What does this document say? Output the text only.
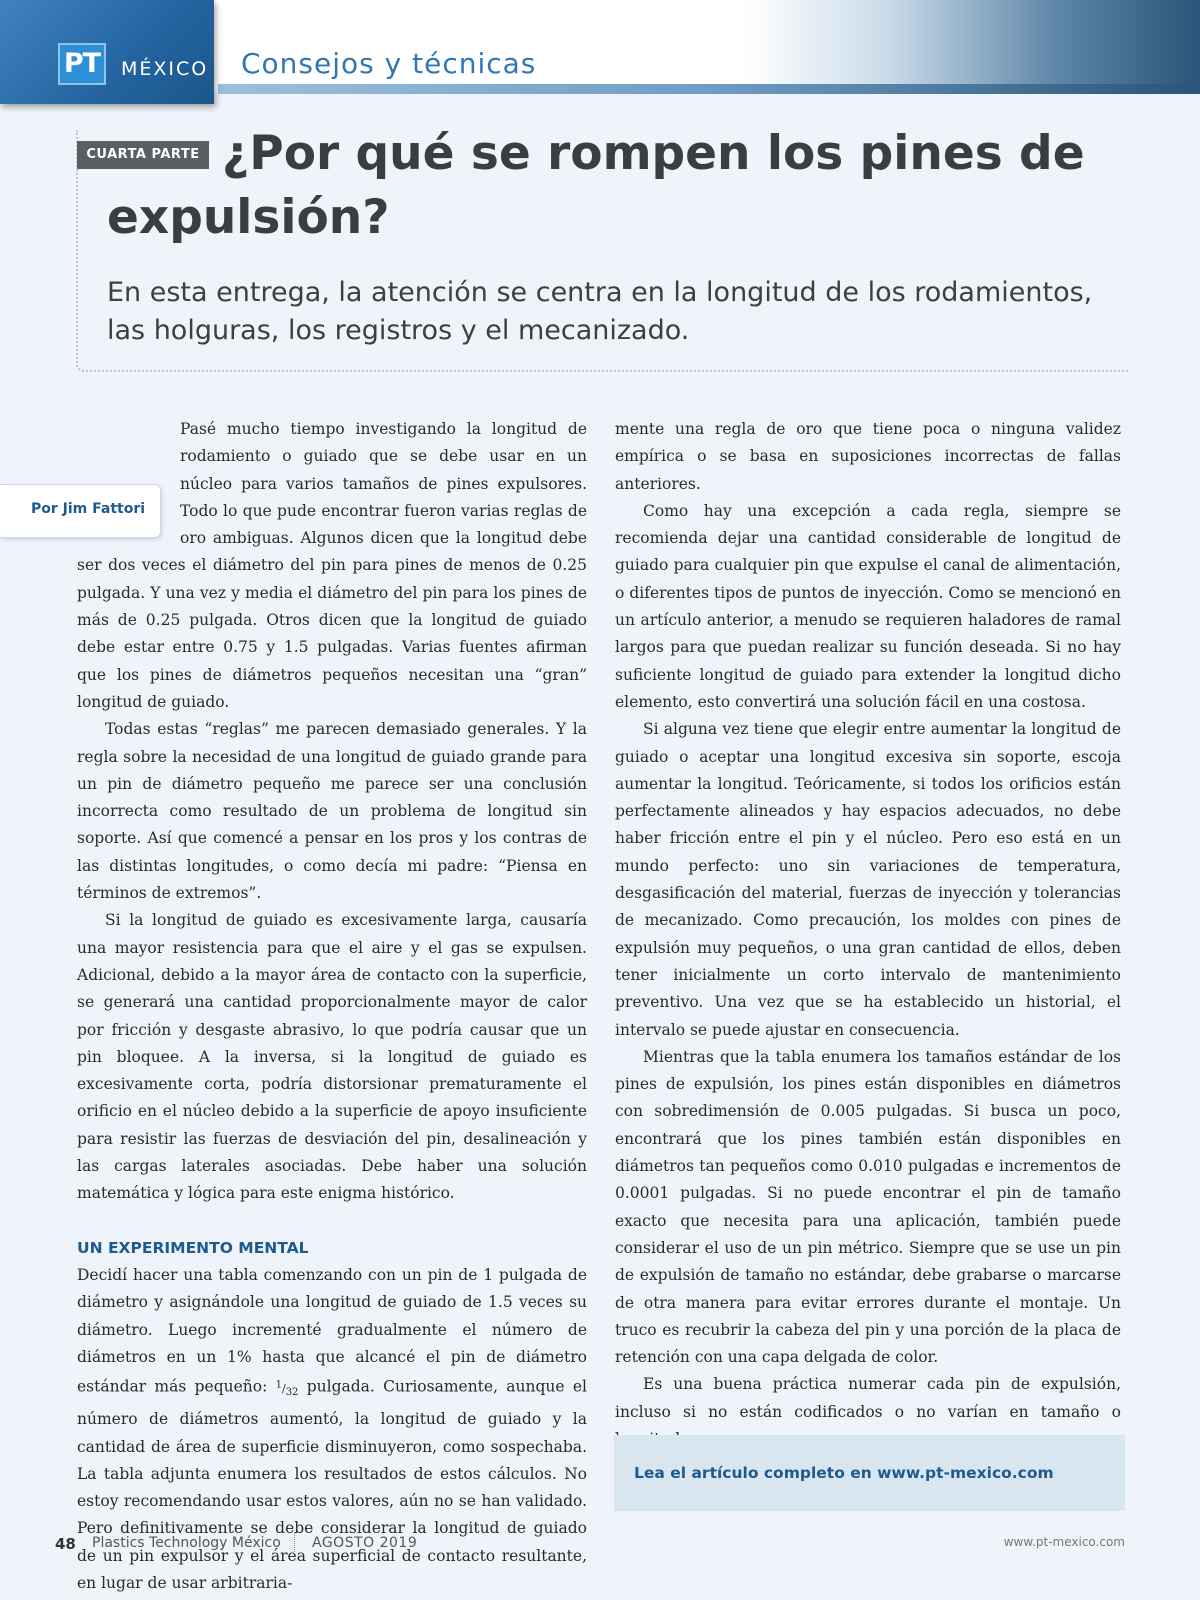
PT	MÉXICO Consejos y técnicas
CUARTA PARTE ¿Por qué se rompen los pines de expulsión?

En esta entrega, la atención se centra en la longitud de los rodamientos, las holguras, los registros y el mecanizado.

Por Jim Fattori

Pasé mucho tiempo investigando la longitud de rodamiento o guiado que se debe usar en un núcleo para varios tamaños de pines expulsores. Todo lo que pude encontrar fueron varias reglas de oro ambiguas. Algunos dicen que la longitud debe ser dos veces el diámetro del pin para pines de menos de 0.25 pulgada. Y una vez y media el diámetro del pin para los pines de más de 0.25 pulgada. Otros dicen que la longitud de guiado debe estar entre 0.75 y 1.5 pulgadas. Varias fuentes afirman que los pines de diámetros pequeños necesitan una “gran” longitud de guiado.

Todas estas “reglas” me parecen demasiado generales. Y la regla sobre la necesidad de una longitud de guiado grande para un pin de diámetro pequeño me parece ser una conclusión incorrecta como resultado de un problema de longitud sin soporte. Así que comencé a pensar en los pros y los contras de las distintas longitudes, o como decía mi padre: “Piensa en términos de extremos”.

Si la longitud de guiado es excesivamente larga, causaría una mayor resistencia para que el aire y el gas se expulsen. Adicional, debido a la mayor área de contacto con la superficie, se generará una cantidad proporcionalmente mayor de calor por fricción y desgaste abrasivo, lo que podría causar que un pin bloquee. A la inversa, si la longitud de guiado es excesivamente corta, podría distorsionar prematuramente el orificio en el núcleo debido a la superficie de apoyo insuficiente para resistir las fuerzas de desviación del pin, desalineación y las cargas laterales asociadas. Debe haber una solución matemática y lógica para este enigma histórico.

UN EXPERIMENTO MENTAL

Decidí hacer una tabla comenzando con un pin de 1 pulgada de diámetro y asignándole una longitud de guiado de 1.5 veces su diámetro. Luego incrementé gradualmente el número de diámetros en un 1% hasta que alcancé el pin de diámetro estándar más pequeño: $^1/_{32}$ pulgada. Curiosamente, aunque el número de diámetros aumentó, la longitud de guiado y la cantidad de área de superficie disminuyeron, como sospechaba. La tabla adjunta enumera los resultados de estos cálculos. No estoy recomendando usar estos valores, aún no se han validado. Pero definitivamente se debe considerar la longitud de guiado de un pin expulsor y el área superficial de contacto resultante, en lugar de usar arbitraria-

mente una regla de oro que tiene poca o ninguna validez empírica o se basa en suposiciones incorrectas de fallas anteriores.

Como hay una excepción a cada regla, siempre se recomienda dejar una cantidad considerable de longitud de guiado para cualquier pin que expulse el canal de alimentación, o diferentes tipos de puntos de inyección. Como se mencionó en un artículo anterior, a menudo se requieren haladores de ramal largos para que puedan realizar su función deseada. Si no hay suficiente longitud de guiado para extender la longitud dicho elemento, esto convertirá una solución fácil en una costosa.

Si alguna vez tiene que elegir entre aumentar la longitud de guiado o aceptar una longitud excesiva sin soporte, escoja aumentar la longitud. Teóricamente, si todos los orificios están perfectamente alineados y hay espacios adecuados, no debe haber fricción entre el pin y el núcleo. Pero eso está en un mundo perfecto: uno sin variaciones de temperatura, desgasificación del material, fuerzas de inyección y tolerancias de mecanizado. Como precaución, los moldes con pines de expulsión muy pequeños, o una gran cantidad de ellos, deben tener inicialmente un corto intervalo de mantenimiento preventivo. Una vez que se ha establecido un historial, el intervalo se puede ajustar en consecuencia.

Mientras que la tabla enumera los tamaños estándar de los pines de expulsión, los pines están disponibles en diámetros con sobredimensión de 0.005 pulgadas. Si busca un poco, encontrará que los pines también están disponibles en diámetros tan pequeños como 0.010 pulgadas e incrementos de 0.0001 pulgadas. Si no puede encontrar el pin de tamaño exacto que necesita para una aplicación, también puede considerar el uso de un pin métrico. Siempre que se use un pin de expulsión de tamaño no estándar, debe grabarse o marcarse de otra manera para evitar errores durante el montaje. Un truco es recubrir la cabeza del pin y una porción de la placa de retención con una capa delgada de color.

Es una buena práctica numerar cada pin de expulsión, incluso si no están codificados o no varían en tamaño o

Lea el artículo completo en www.pt-mexico.com
48 Plastics Technology México AGOSTO 2019	www.pt-mexico.com
